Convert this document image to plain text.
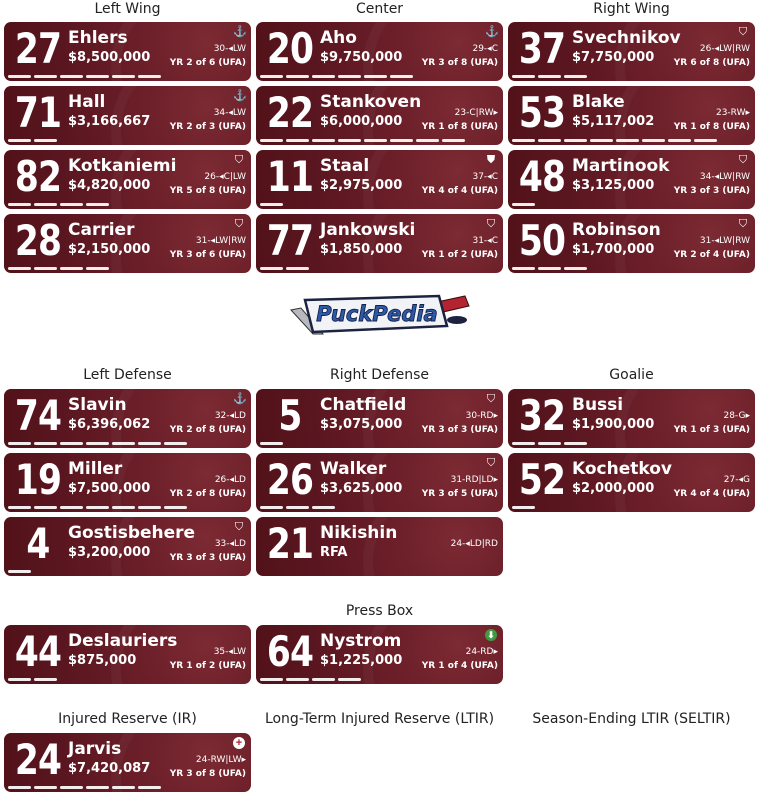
Left Wing	Center	Right Wing
Left Defense	Right Defense	Goalie
Press Box
Injured Reserve (IR)	Long-Term Injured Reserve (LTIR)	Season-Ending LTIR (SELTIR)
PuckPedia
27 Ehlers
$8,500,000
30-◂LW
YR 2 of 6 (UFA)
⚓ 20 Aho
$9,750,000
29-◂C
YR 3 of 8 (UFA)
⚓ 37 Svechnikov
$7,750,000
26-◂LW|RW
YR 6 of 8 (UFA)
⛉
71 Hall
$3,166,667
34-◂LW
YR 2 of 3 (UFA)
⚓ 22 Stankoven
$6,000,000
23-C|RW▸
YR 1 of 8 (UFA) 53 Blake
$5,117,002
23-RW▸
YR 1 of 8 (UFA)
82 Kotkaniemi
$4,820,000
26-◂C|LW
YR 5 of 8 (UFA)
⛉ 11 Staal
$2,975,000
37-◂C
YR 4 of 4 (UFA)
⛊ 48 Martinook
$3,125,000
34-◂LW|RW
YR 3 of 3 (UFA)
⛉
28 Carrier
$2,150,000
31-◂LW|RW
YR 3 of 6 (UFA)
⛉ 77 Jankowski
$1,850,000
31-◂C
YR 1 of 2 (UFA)
⛉ 50 Robinson
$1,700,000
31-◂LW|RW
YR 2 of 4 (UFA)
⛉
74 Slavin
$6,396,062
32-◂LD
YR 2 of 8 (UFA)
⚓ 5	Chatfield
$3,075,000
30-RD▸
YR 3 of 3 (UFA)
⛉ 32 Bussi
$1,900,000
28-G▸
YR 1 of 3 (UFA)
19 Miller
$7,500,000
26-◂LD
YR 2 of 8 (UFA) 26 Walker
$3,625,000
31-RD|LD▸
YR 3 of 5 (UFA)
⛉ 52 Kochetkov
$2,000,000
27-◂G
YR 4 of 4 (UFA)
4	Gostisbehere
$3,200,000
33-◂LD
YR 3 of 3 (UFA)
⛉ 21 Nikishin
RFA
24-◂LD|RD
44 Deslauriers
$875,000
35-◂LW
YR 1 of 2 (UFA) 64 Nystrom
$1,225,000
24-RD▸
YR 1 of 4 (UFA)
⬇
24 Jarvis
$7,420,087
24-RW|LW▸
YR 3 of 8 (UFA)
+
